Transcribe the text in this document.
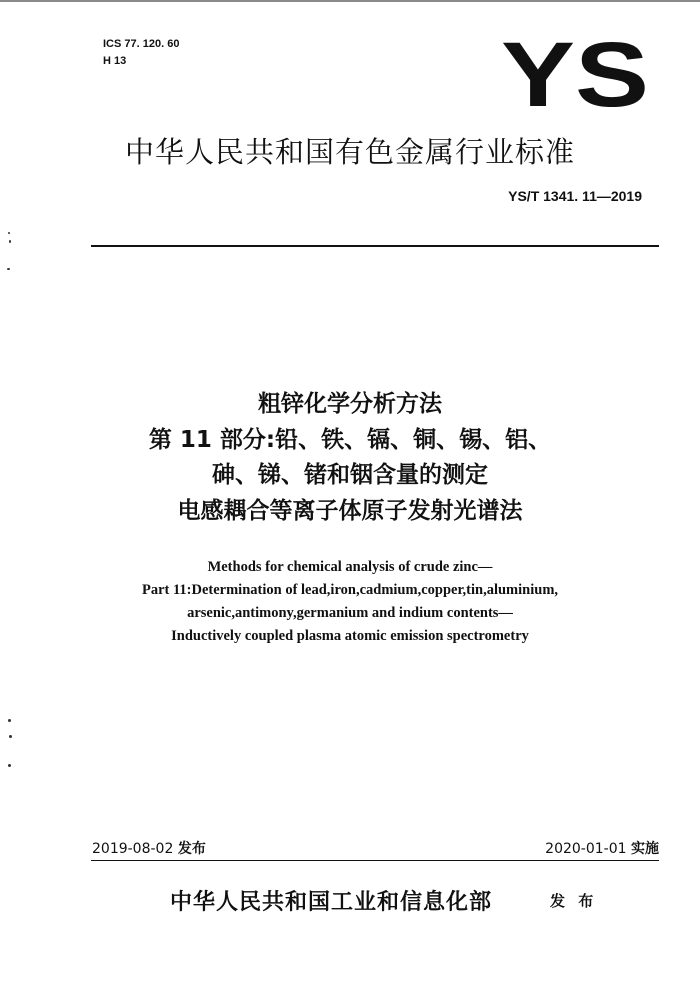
ICS 77. 120. 60
H 13	YS
中华人民共和国有色金属行业标准
YS/T 1341. 11—2019
粗锌化学分析方法
第 11 部分:铅、铁、镉、铜、锡、铝、
砷、锑、锗和铟含量的测定
电感耦合等离子体原子发射光谱法
Methods for chemical analysis of crude zinc—
Part 11:Determination of lead,iron,cadmium,copper,tin,aluminium,
arsenic,antimony,germanium and indium contents—
Inductively coupled plasma atomic emission spectrometry
2019-08-02 发布	2020-01-01 实施
中华人民共和国工业和信息化部	发 布
